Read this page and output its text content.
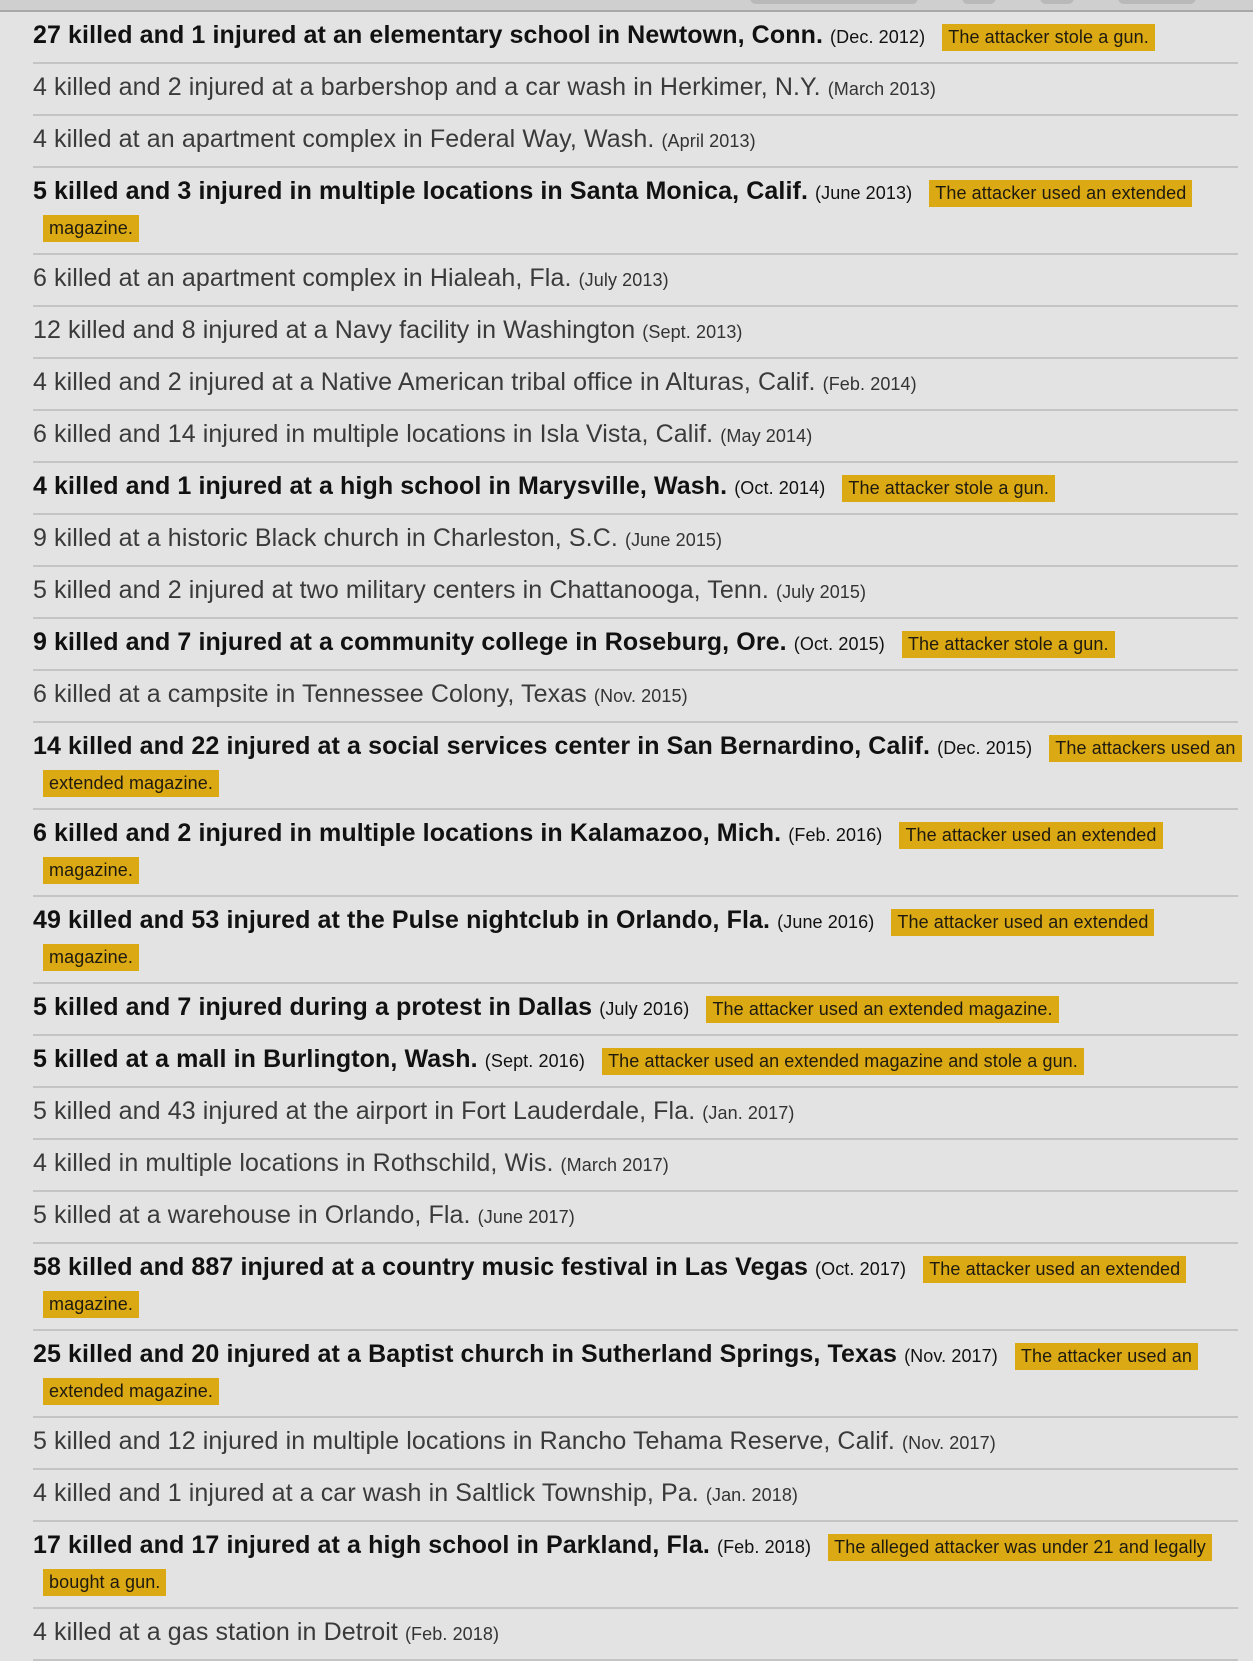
27 killed and 1 injured at an elementary school in Newtown, Conn. (Dec. 2012) The attacker stole a gun.
4 killed and 2 injured at a barbershop and a car wash in Herkimer, N.Y. (March 2013)
4 killed at an apartment complex in Federal Way, Wash. (April 2013)
5 killed and 3 injured in multiple locations in Santa Monica, Calif. (June 2013) The attacker used an extended magazine.
6 killed at an apartment complex in Hialeah, Fla. (July 2013)
12 killed and 8 injured at a Navy facility in Washington (Sept. 2013)
4 killed and 2 injured at a Native American tribal office in Alturas, Calif. (Feb. 2014)
6 killed and 14 injured in multiple locations in Isla Vista, Calif. (May 2014)
4 killed and 1 injured at a high school in Marysville, Wash. (Oct. 2014) The attacker stole a gun.
9 killed at a historic Black church in Charleston, S.C. (June 2015)
5 killed and 2 injured at two military centers in Chattanooga, Tenn. (July 2015)
9 killed and 7 injured at a community college in Roseburg, Ore. (Oct. 2015) The attacker stole a gun.
6 killed at a campsite in Tennessee Colony, Texas (Nov. 2015)
14 killed and 22 injured at a social services center in San Bernardino, Calif. (Dec. 2015) The attackers used an extended magazine.
6 killed and 2 injured in multiple locations in Kalamazoo, Mich. (Feb. 2016) The attacker used an extended magazine.
49 killed and 53 injured at the Pulse nightclub in Orlando, Fla. (June 2016) The attacker used an extended magazine.
5 killed and 7 injured during a protest in Dallas (July 2016) The attacker used an extended magazine.
5 killed at a mall in Burlington, Wash. (Sept. 2016) The attacker used an extended magazine and stole a gun.
5 killed and 43 injured at the airport in Fort Lauderdale, Fla. (Jan. 2017)
4 killed in multiple locations in Rothschild, Wis. (March 2017)
5 killed at a warehouse in Orlando, Fla. (June 2017)
58 killed and 887 injured at a country music festival in Las Vegas (Oct. 2017) The attacker used an extended magazine.
25 killed and 20 injured at a Baptist church in Sutherland Springs, Texas (Nov. 2017) The attacker used an extended magazine.
5 killed and 12 injured in multiple locations in Rancho Tehama Reserve, Calif. (Nov. 2017)
4 killed and 1 injured at a car wash in Saltlick Township, Pa. (Jan. 2018)
17 killed and 17 injured at a high school in Parkland, Fla. (Feb. 2018) The alleged attacker was under 21 and legally bought a gun.
4 killed at a gas station in Detroit (Feb. 2018)
